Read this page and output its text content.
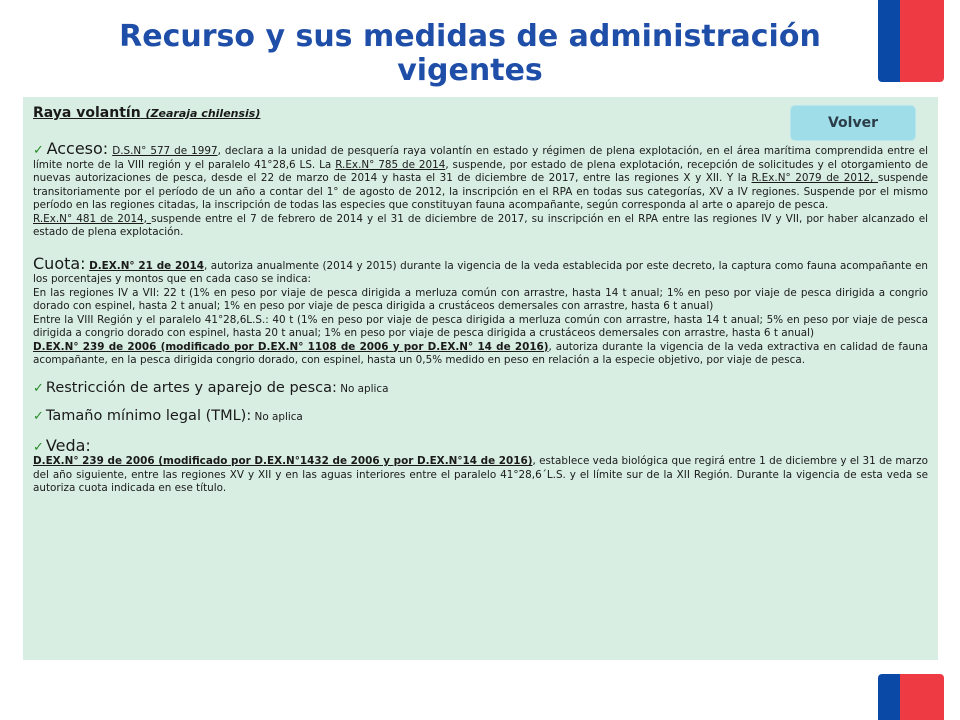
Recurso y sus medidas de administración
vigentes
Raya volantín (Zearaja chilensis)
✓ Acceso: D.S.N° 577 de 1997, declara a la unidad de pesquería raya volantín en estado y régimen de plena explotación, en el área marítima comprendida entre el límite norte de la VIII región y el paralelo 41°28,6 LS. La R.Ex.N° 785 de 2014, suspende, por estado de plena explotación, recepción de solicitudes y el otorgamiento de nuevas autorizaciones de pesca, desde el 22 de marzo de 2014 y hasta el 31 de diciembre de 2017, entre las regiones X y XII. Y la R.Ex.N° 2079 de 2012, suspende transitoriamente por el período de un año a contar del 1° de agosto de 2012, la inscripción en el RPA en todas sus categorías, XV a IV regiones. Suspende por el mismo período en las regiones citadas, la inscripción de todas las especies que constituyan fauna acompañante, según corresponda al arte o aparejo de pesca.
R.Ex.N° 481 de 2014, suspende entre el 7 de febrero de 2014 y el 31 de diciembre de 2017, su inscripción en el RPA entre las regiones IV y VII, por haber alcanzado el estado de plena explotación.
Cuota: D.EX.N° 21 de 2014, autoriza anualmente (2014 y 2015) durante la vigencia de la veda establecida por este decreto, la captura como fauna acompañante en los porcentajes y montos que en cada caso se indica:
En las regiones IV a VII: 22 t (1% en peso por viaje de pesca dirigida a merluza común con arrastre, hasta 14 t anual; 1% en peso por viaje de pesca dirigida a congrio dorado con espinel, hasta 2 t anual; 1% en peso por viaje de pesca dirigida a crustáceos demersales con arrastre, hasta 6 t anual)
Entre la VIII Región y el paralelo 41°28,6L.S.: 40 t (1% en peso por viaje de pesca dirigida a merluza común con arrastre, hasta 14 t anual; 5% en peso por viaje de pesca dirigida a congrio dorado con espinel, hasta 20 t anual; 1% en peso por viaje de pesca dirigida a crustáceos demersales con arrastre, hasta 6 t anual)
D.EX.N° 239 de 2006 (modificado por D.EX.N° 1108 de 2006 y por D.EX.N° 14 de 2016), autoriza durante la vigencia de la veda extractiva en calidad de fauna acompañante, en la pesca dirigida congrio dorado, con espinel, hasta un 0,5% medido en peso en relación a la especie objetivo, por viaje de pesca.
✓ Restricción de artes y aparejo de pesca: No aplica
✓ Tamaño mínimo legal (TML): No aplica
✓ Veda:
D.EX.N° 239 de 2006 (modificado por D.EX.N°1432 de 2006 y por D.EX.N°14 de 2016), establece veda biológica que regirá entre 1 de diciembre y el 31 de marzo del año siguiente, entre las regiones XV y XII y en las aguas interiores entre el paralelo 41°28,6´L.S. y el límite sur de la XII Región. Durante la vigencia de esta veda se autoriza cuota indicada en ese título.
Volver
